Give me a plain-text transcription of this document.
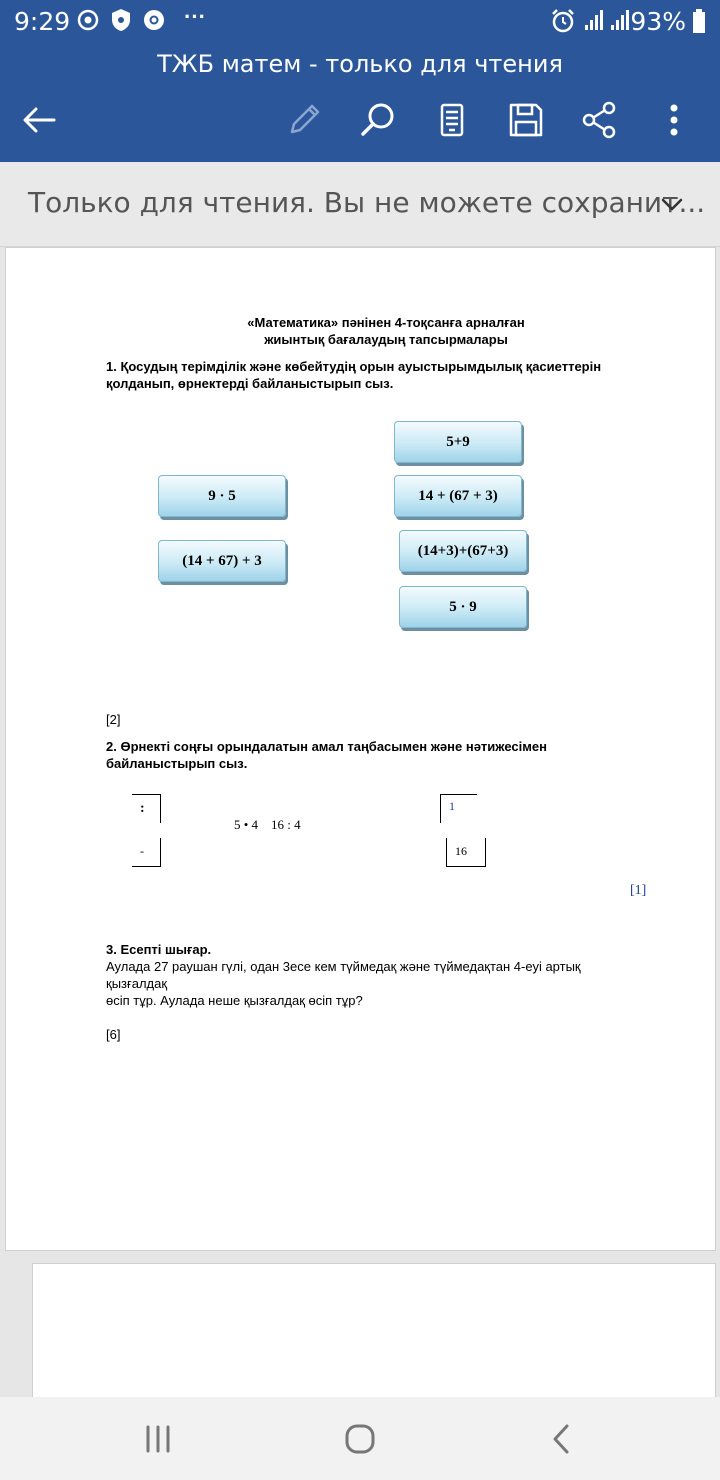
9:29	···	93%
ТЖБ матем - только для чтения
Только для чтения. Вы не можете сохранит...
«Математика» пәнінен 4-тоқсанға арналған
жиынтық бағалаудың тапсырмалары
1. Қосудың терімділік және көбейтудің орын ауыстырымдылық қасиеттерін
қолданып, өрнектерді байланыстырып сыз.
9 · 5
(14 + 67) + 3
5+9
14 + (67 + 3)
(14+3)+(67+3)
5 · 9
[2]
2. Өрнекті соңғы орындалатын амал таңбасымен және нәтижесімен
байланыстырып сыз.
:
-
5 • 4    16 : 4
1
16
[1]
3. Есепті шығар.
Аулада 27 раушан гүлі, одан 3есе кем түймедақ және түймедақтан 4-еуі артық
қызғалдақ
өсіп тұр. Аулада неше қызғалдақ өсіп тұр?
[6]
